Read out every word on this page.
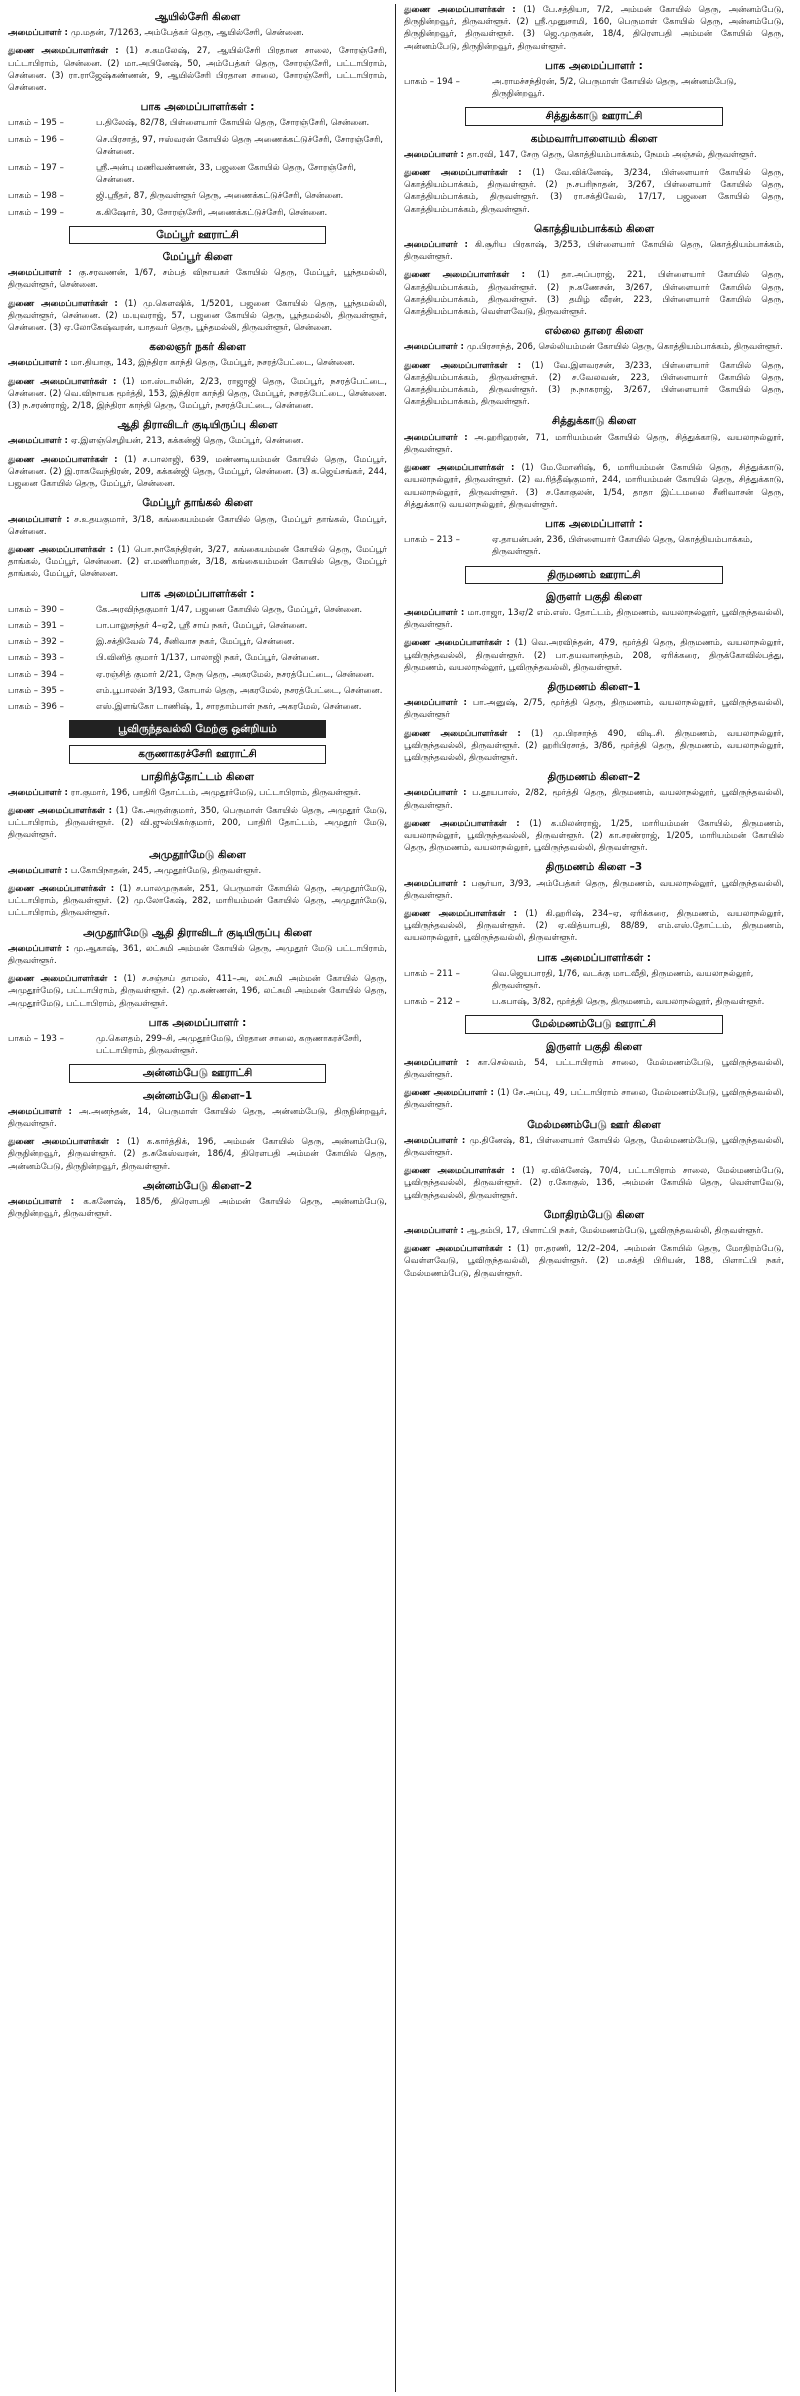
ஆயில்சேரி கிளை

அமைப்பாளர் : மு.மதன், 7/1263, அம்பேத்கர் தெரு, ஆயில்சேரி, சென்னை.

துணை அமைப்பாளர்கள் : (1) ச.கமலேஷ், 27, ஆயில்சேரி பிரதான சாலை, சோரஞ்சேரி, பட்டாபிராம், சென்னை. (2) மா.அபினேஷ், 50, அம்பேத்கர் தெரு, சோரஞ்சேரி, பட்டாபிராம், சென்னை. (3) ரா.ராஜேஷ்கண்ணன், 9, ஆயில்சேரி பிரதான சாலை, சோரஞ்சேரி, பட்டாபிராம், சென்னை.

பாக அமைப்பாளர்கள் :
பாகம் – 195 –	ப.திலேஷ், 82/78, பிள்ளையார் கோயில் தெரு, சோரஞ்சேரி, சென்னை.
பாகம் – 196 –	செ.பிரசாத், 97, ஈஸ்வரன் கோயில் தெரு அணைக்கட்டுச்சேரி, சோரஞ்சேரி, சென்னை.
பாகம் – 197 –	ஸ்ரீ.அன்பு மணிவண்ணன், 33, பஜனை கோயில் தெரு, சோரஞ்சேரி, சென்னை.
பாகம் – 198 –	ஜி.ஸ்ரீதர், 87, திருவள்ளூர் தெரு, அணைக்கட்டுச்சேரி, சென்னை.
பாகம் – 199 –	க.கிஷோர், 30, சோரஞ்சேரி, அணைக்கட்டுச்சேரி, சென்னை.
மேப்பூர் ஊராட்சி
மேப்பூர் கிளை

அமைப்பாளர் : கு.சரவணன், 1/67, சம்பத் விநாயகர் கோயில் தெரு, மேப்பூர், பூந்தமல்லி, திருவள்ளூர், சென்னை.

துணை அமைப்பாளர்கள் : (1) மு.கௌஷிக், 1/5201, பஜனை கோயில் தெரு, பூந்தமல்லி, திருவள்ளூர், சென்னை. (2) ம.யுவராஜ், 57, பஜனை கோயில் தெரு, பூந்தமல்லி, திருவள்ளூர், சென்னை. (3) ஏ.லோகேஷ்வரன், யாதவர் தெரு, பூந்தமல்லி, திருவள்ளூர், சென்னை.

கலைஞர் நகர் கிளை

அமைப்பாளர் : மா.தியாகு, 143, இந்திரா காந்தி தெரு, மேப்பூர், நசரத்பேட்டை, சென்னை.

துணை அமைப்பாளர்கள் : (1) மா.ஸ்டாலின், 2/23, ராஜாஜி தெரு, மேப்பூர், நசரத்பேட்டை, சென்னை. (2) வெ.விநாயக மூர்த்தி, 153, இந்திரா காந்தி தெரு, மேப்பூர், நசரத்பேட்டை, சென்னை. (3) ந.சரண்ராஜ், 2/18, இந்திரா காந்தி தெரு, மேப்பூர், நசரத்பேட்டை, சென்னை.

ஆதி திராவிடர் குடியிருப்பு கிளை

அமைப்பாளர் : ஏ.இளஞ்செழியன், 213, கக்கன்ஜி தெரு, மேப்பூர், சென்னை.

துணை அமைப்பாளர்கள் : (1) ச.பாலாஜி, 639, மண்ணடியம்மன் கோயில் தெரு, மேப்பூர், சென்னை. (2) இ.ராகவேந்திரன், 209, கக்கன்ஜி தெரு, மேப்பூர், சென்னை. (3) க.ஜெய்சங்கர், 244, பஜனை கோயில் தெரு, மேப்பூர், சென்னை.

மேப்பூர் தாங்கல் கிளை

அமைப்பாளர் : ச.உதயகுமார், 3/18, கங்கையம்மன் கோயில் தெரு, மேப்பூர் தாங்கல், மேப்பூர், சென்னை.

துணை அமைப்பாளர்கள் : (1) பொ.நாகேந்திரன், 3/27, கங்கையம்மன் கோயில் தெரு, மேப்பூர் தாங்கல், மேப்பூர், சென்னை. (2) எ.மணிமாறன், 3/18, கங்கையம்மன் கோயில் தெரு, மேப்பூர் தாங்கல், மேப்பூர், சென்னை.

பாக அமைப்பாளர்கள் :
பாகம் – 390 –	கே.அரவிந்தகுமார் 1/47, பஜனை கோயில் தெரு, மேப்பூர், சென்னை.
பாகம் – 391 –	பா.பாலுசந்தர் 4–ஏ2, ஸ்ரீ சாய் நகர், மேப்பூர், சென்னை.
பாகம் – 392 –	இ.சக்திவேல் 74, சீனிவாச நகர், மேப்பூர், சென்னை.
பாகம் – 393 –	பி.வினித் குமார் 1/137, பாலாஜி நகர், மேப்பூர், சென்னை.
பாகம் – 394 –	ஏ.ரஞ்சித் குமார் 2/21, நேரு தெரு, அகரமேல், நசரத்பேட்டை, சென்னை.
பாகம் – 395 –	எம்.பூபாலன் 3/193, கோபால் தெரு, அகரமேல், நசரத்பேட்டை, சென்னை.
பாகம் – 396 –	எஸ்.இளங்கோ டாணிஷ், 1, சாரதாம்பாள் நகர், அகரமேல், சென்னை.
பூவிருந்தவல்லி மேற்கு ஒன்றியம்
கருணாகரச்சேரி ஊராட்சி
பாதிரித்தோட்டம் கிளை

அமைப்பாளர் : ரா.குமார், 196, பாதிரி தோட்டம், அமுதூர்மேடு, பட்டாபிராம், திருவள்ளூர்.

துணை அமைப்பாளர்கள் : (1) கே.அருள்குமார், 350, பெருமாள் கோயில் தெரு, அமுதூர் மேடு, பட்டாபிராம், திருவள்ளூர். (2) வி.ஜுல்பிகர்குமார், 200, பாதிரி தோட்டம், அமுதூர் மேடு, திருவள்ளூர்.

அமுதூர்மேடு கிளை

அமைப்பாளர் : ப.கோபிநாதன், 245, அமுதூர்மேடு, திருவள்ளூர்.

துணை அமைப்பாளர்கள் : (1) ச.பாலமுருகன், 251, பெருமாள் கோயில் தெரு, அமுதூர்மேடு, பட்டாபிராம், திருவள்ளூர். (2) மு.லோகேஷ், 282, மாரியம்மன் கோயில் தெரு, அமுதூர்மேடு, பட்டாபிராம், திருவள்ளூர்.

அமுதூர்மேடு ஆதி திராவிடர் குடியிருப்பு கிளை

அமைப்பாளர் : மு.ஆகாஷ், 361, லட்சுமி அம்மன் கோயில் தெரு, அமுதூர் மேடு பட்டாபிராம், திருவள்ளூர்.

துணை அமைப்பாளர்கள் : (1) ச.சஞ்சய் தாமஸ், 411–அ, லட்சுமி அம்மன் கோயில் தெரு, அமுதூர்மேடு, பட்டாபிராம், திருவள்ளூர். (2) மு.கண்ணன், 196, லட்சுமி அம்மன் கோயில் தெரு, அமுதூர்மேடு, பட்டாபிராம், திருவள்ளூர்.

பாக அமைப்பாளர் :
பாகம் – 193 –	மு.கௌதம், 299–சி, அமுதூர்மேடு, பிரதான சாலை, கருணாகரச்சேரி, பட்டாபிராம், திருவள்ளூர்.
அன்னம்பேடு ஊராட்சி
அன்னம்பேடு கிளை–1

அமைப்பாளர் : அ.அனந்தன், 14, பெருமாள் கோயில் தெரு, அன்னம்பேடு, திருநின்றவூர், திருவள்ளூர்.

துணை அமைப்பாளர்கள் : (1) க.கார்த்திக், 196, அம்மன் கோயில் தெரு, அன்னம்பேடு, திருநின்றவூர், திருவள்ளூர். (2) த.சுகேஸ்வரன், 186/4, திரௌபதி அம்மன் கோயில் தெரு, அன்னம்பேடு, திருநின்றவூர், திருவள்ளூர்.

அன்னம்பேடு கிளை–2

அமைப்பாளர் :	க.கணேஷ், 185/6, திரௌபதி அம்மன் கோயில் தெரு, அன்னம்பேடு, திருநின்றவூர், திருவள்ளூர்.

துணை அமைப்பாளர்கள் : (1) பே.சத்தியா, 7/2, அம்மன் கோயில் தெரு, அன்னம்பேடு, திருநின்றவூர், திருவள்ளூர். (2) ஸ்ரீ.முனுசாமி, 160, பெருமாள் கோயில் தெரு, அன்னம்பேடு, திருநின்றவூர், திருவள்ளூர். (3) ஜெ.முருகன், 18/4, திரௌபதி அம்மன் கோயில் தெரு, அன்னம்பேடு, திருநின்றவூர், திருவள்ளூர்.

பாக அமைப்பாளர் :
பாகம் – 194 –	அ.ராமச்சந்திரன், 5/2, பெருமாள் கோயில் தெரு, அன்னம்பேடு, திருநின்றவூர்.
சித்துக்காடு ஊராட்சி
கம்மவார்பாளையம் கிளை

அமைப்பாளர் : தா.ரவி, 147, சேரு தெரு, கொத்தியம்பாக்கம், நேமம் அஞ்சல், திருவள்ளூர்.

துணை அமைப்பாளர்கள் :	(1) வே.விக்னேஷ், 3/234, பிள்ளையார் கோயில் தெரு, கொத்தியம்பாக்கம், திருவள்ளூர். (2) ந.சபரிநாதன், 3/267, பிள்ளையார் கோயில் தெரு, கொத்தியம்பாக்கம், திருவள்ளூர். (3) ரா.சக்திவேல், 17/17, பஜனை கோயில் தெரு, கொத்தியம்பாக்கம், திருவள்ளூர்.

கொத்தியம்பாக்கம் கிளை

அமைப்பாளர் : கி.சூரிய பிரகாஷ், 3/253, பிள்ளையார் கோயில் தெரு, கொத்தியம்பாக்கம், திருவள்ளூர்.

துணை அமைப்பாளர்கள் :	(1) தா.அப்பராஜ், 221, பிள்ளையார் கோயில் தெரு, கொத்தியம்பாக்கம், திருவள்ளூர். (2) ந.கணேசன், 3/267, பிள்ளையார் கோயில் தெரு, கொத்தியம்பாக்கம், திருவள்ளூர். (3) தமிழ் வீரன், 223, பிள்ளையார் கோயில் தெரு, கொத்தியம்பாக்கம், வெள்ளவேடு, திருவள்ளூர்.

எல்லை தாரை கிளை

அமைப்பாளர் : மு.பிரசாந்த், 206, செல்லியம்மன் கோயில் தெரு, கொத்தியம்பாக்கம், திருவள்ளூர்.

துணை அமைப்பாளர்கள் :	(1) வே.இளவரசன், 3/233, பிள்ளையார் கோயில் தெரு, கொத்தியம்பாக்கம், திருவள்ளூர். (2) ச.வேலவன், 223, பிள்ளையார் கோயில் தெரு, கொத்தியம்பாக்கம், திருவள்ளூர். (3) ந.நாகராஜ், 3/267, பிள்ளையார் கோயில் தெரு, கொத்தியம்பாக்கம், திருவள்ளூர்.

சித்துக்காடு கிளை

அமைப்பாளர் : அ.ஹரிஹரன், 71, மாரியம்மன் கோயில் தெரு, சித்துக்காடு, வயலாநல்லூர், திருவள்ளூர்.

துணை அமைப்பாளர்கள் : (1) மே.மோனிஷ், 6, மாரியம்மன் கோயில் தெரு, சித்துக்காடு, வயலாநல்லூர், திருவள்ளூர். (2) வ.ரித்தீஷ்குமார், 244, மாரியம்மன் கோயில் தெரு, சித்துக்காடு, வயலாநல்லூர், திருவள்ளூர். (3) ச.கோகுலன், 1/54, தாதா இட்டமலை சீனிவாசன் தெரு, சித்துக்காடு வயலாநல்லூர், திருவள்ளூர்.

பாக அமைப்பாளர் :
பாகம் – 213 –	ஏ.தாயன்பன், 236, பிள்ளையார் கோயில் தெரு, கொத்தியம்பாக்கம், திருவள்ளூர்.
திருமணம் ஊராட்சி
இருளர் பகுதி கிளை

அமைப்பாளர் : மா.ராஜா, 13ஏ/2 எம்.எஸ். தோட்டம், திருமணம், வயலாநல்லூர், பூவிருந்தவல்லி, திருவள்ளூர்.

துணை அமைப்பாளர்கள் : (1) வெ.அரவிந்தன், 479, மூர்த்தி தெரு, திருமணம், வயலாநல்லூர், பூவிருந்தவல்லி, திருவள்ளூர். (2) பா.தயவானந்தம், 208, ஏரிக்கரை, திருக்கோவில்பத்து, திருமணம், வயலாநல்லூர், பூவிருந்தவல்லி, திருவள்ளூர்.

திருமணம் கிளை–1

அமைப்பாளர் : பா.அனுஷ், 2/75, மூர்த்தி தெரு, திருமணம், வயலாநல்லூர், பூவிருந்தவல்லி, திருவள்ளூர்

துணை அமைப்பாளர்கள் :	(1) மு.பிரசாந்த் 490, விடி.சி. திருமணம், வயலாநல்லூர், பூவிருந்தவல்லி, திருவள்ளூர். (2) ஹரிபிரசாத், 3/86, மூர்த்தி தெரு, திருமணம், வயலாநல்லூர், பூவிருந்தவல்லி, திருவள்ளூர்.

திருமணம் கிளை–2

அமைப்பாளர் : ப.தூயபாஸ், 2/82, மூர்த்தி தெரு, திருமணம், வயலாநல்லூர், பூவிருந்தவல்லி, திருவள்ளூர்.

துணை அமைப்பாளர்கள் :	(1) க.மிலன்ராஜ், 1/25, மாரியம்மன் கோயில், திருமணம், வயலாநல்லூர், பூவிருந்தவல்லி, திருவள்ளூர். (2) கா.சரண்ராஜ், 1/205, மாரியம்மன் கோயில் தெரு, திருமணம், வயலாநல்லூர், பூவிருந்தவல்லி, திருவள்ளூர்.

திருமணம் கிளை –3

அமைப்பாளர் : பசூர்யா, 3/93, அம்பேத்கர் தெரு, திருமணம், வயலாநல்லூர், பூவிருந்தவல்லி, திருவள்ளூர்.

துணை அமைப்பாளர்கள் : (1) கி.ஹரிஷ், 234–ஏ, ஏரிக்கரை, திருமணம், வயலாநல்லூர், பூவிருந்தவல்லி, திருவள்ளூர். (2) ஏ.வித்யாபதி, 88/89, எம்.எஸ்.தோட்டம், திருமணம், வயலாநல்லூர், பூவிருந்தவல்லி, திருவள்ளூர்.

பாக அமைப்பாளர்கள் :
பாகம் – 211 –	வெ.ஜெயபாரதி, 1/76, வடக்கு மாடவீதி, திருமணம், வயலாநல்லூர், திருவள்ளூர்.
பாகம் – 212 –	ப.கபாஷ், 3/82, மூர்த்தி தெரு, திருமணம், வயலாநல்லூர், திருவள்ளூர்.
மேல்மணம்பேடு ஊராட்சி
இருளர் பகுதி கிளை

அமைப்பாளர் : கா.செல்வம், 54, பட்டாபிராம் சாலை, மேல்மணம்பேடு, பூவிருந்தவல்லி, திருவள்ளூர்.

துணை அமைப்பாளர் : (1) சே.அப்பு, 49, பட்டாபிராம் சாலை, மேல்மணம்பேடு, பூவிருந்தவல்லி, திருவள்ளூர்.

மேல்மணம்பேடு ஊர் கிளை

அமைப்பாளர் : மு.தினேஷ், 81, பிள்ளையார் கோயில் தெரு, மேல்மணம்பேடு, பூவிருந்தவல்லி, திருவள்ளூர்.

துணை அமைப்பாளர்கள் : (1) ஏ.விக்னேஷ், 70/4, பட்டாபிராம் சாலை, மேல்மணம்பேடு, பூவிருந்தவல்லி, திருவள்ளூர். (2) ர.கோகுல், 136, அம்மன் கோயில் தெரு, வெள்ளவேடு, பூவிருந்தவல்லி, திருவள்ளூர்.

மோதிரம்பேடு கிளை

அமைப்பாளர் : ஆ.தம்பி, 17, பிளாட்பி நகர், மேல்மணம்பேடு, பூவிருந்தவல்லி, திருவள்ளூர்.

துணை அமைப்பாளர்கள் : (1) ரா.தரணி, 12/2–204, அம்மன் கோயில் தெரு, மோதிரம்பேடு, வெள்ளவேடு, பூவிருந்தவல்லி, திருவள்ளூர். (2) ம.சக்தி பிரியன், 188, பிளாட்பி நகர், மேல்மணம்பேடு, திருவள்ளூர்.
